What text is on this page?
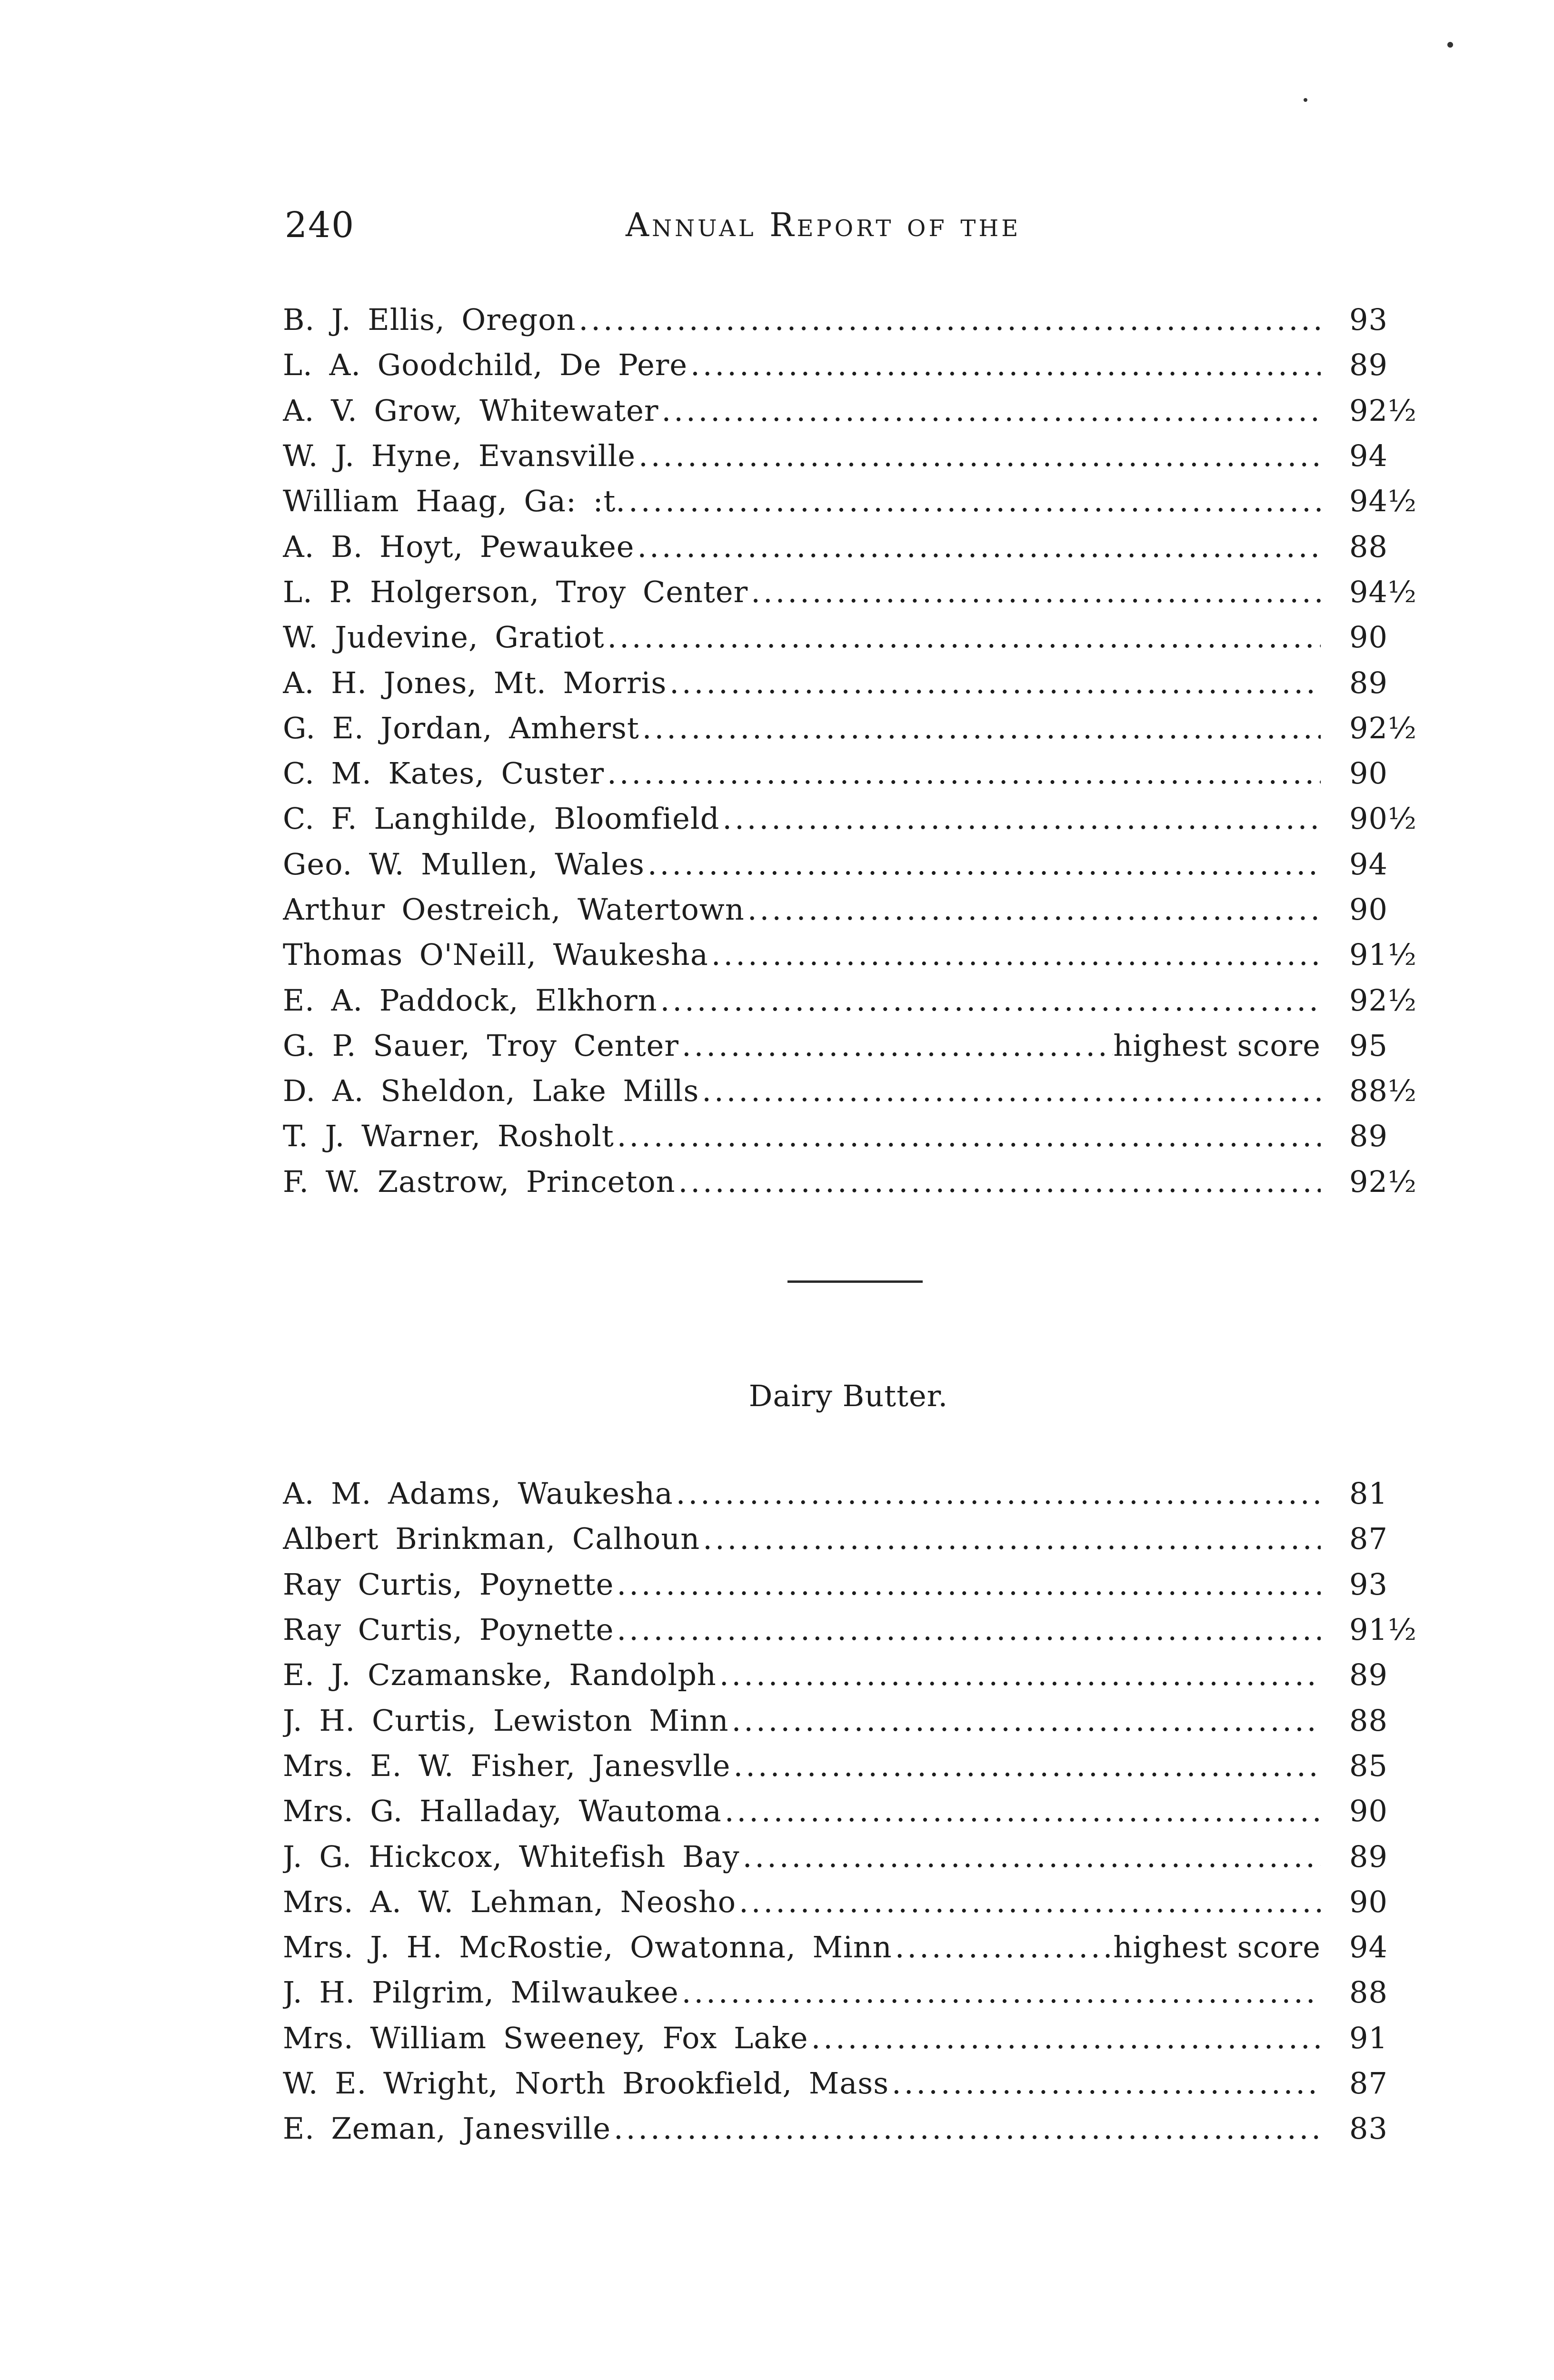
240	Annual Report of the
B. J. Ellis, Oregon .....	93
L. A. Goodchild, De Pere .....	89
A. V. Grow, Whitewater .....	92½
W. J. Hyne, Evansville .....	94
William Haag, Ga: :t. .....	94½
A. B. Hoyt, Pewaukee .....	88
L. P. Holgerson, Troy Center .....	94½
W. Judevine, Gratiot .....	90
A. H. Jones, Mt. Morris .....	89
G. E. Jordan, Amherst .....	92½
C. M. Kates, Custer .....	90
C. F. Langhilde, Bloomfield .....	90½
Geo. W. Mullen, Wales .....	94
Arthur Oestreich, Watertown .....	90
Thomas O'Neill, Waukesha .....	91½
E. A. Paddock, Elkhorn .....	92½
G. P. Sauer, Troy Center .....	highest score 95
D. A. Sheldon, Lake Mills .....	88½
T. J. Warner, Rosholt .....	89
F. W. Zastrow, Princeton .....	92½
Dairy Butter.
A. M. Adams, Waukesha .....	81
Albert Brinkman, Calhoun .....	87
Ray Curtis, Poynette .....	93
Ray Curtis, Poynette .....	91½
E. J. Czamanske, Randolph .....	89
J. H. Curtis, Lewiston Minn .....	88
Mrs. E. W. Fisher, Janesvlle .....	85
Mrs. G. Halladay, Wautoma .....	90
J. G. Hickcox, Whitefish Bay .....	89
Mrs. A. W. Lehman, Neosho .....	90
Mrs. J. H. McRostie, Owatonna, Minn .....	highest score 94
J. H. Pilgrim, Milwaukee .....	88
Mrs. William Sweeney, Fox Lake .....	91
W. E. Wright, North Brookfield, Mass .....	87
E. Zeman, Janesville .....	83
